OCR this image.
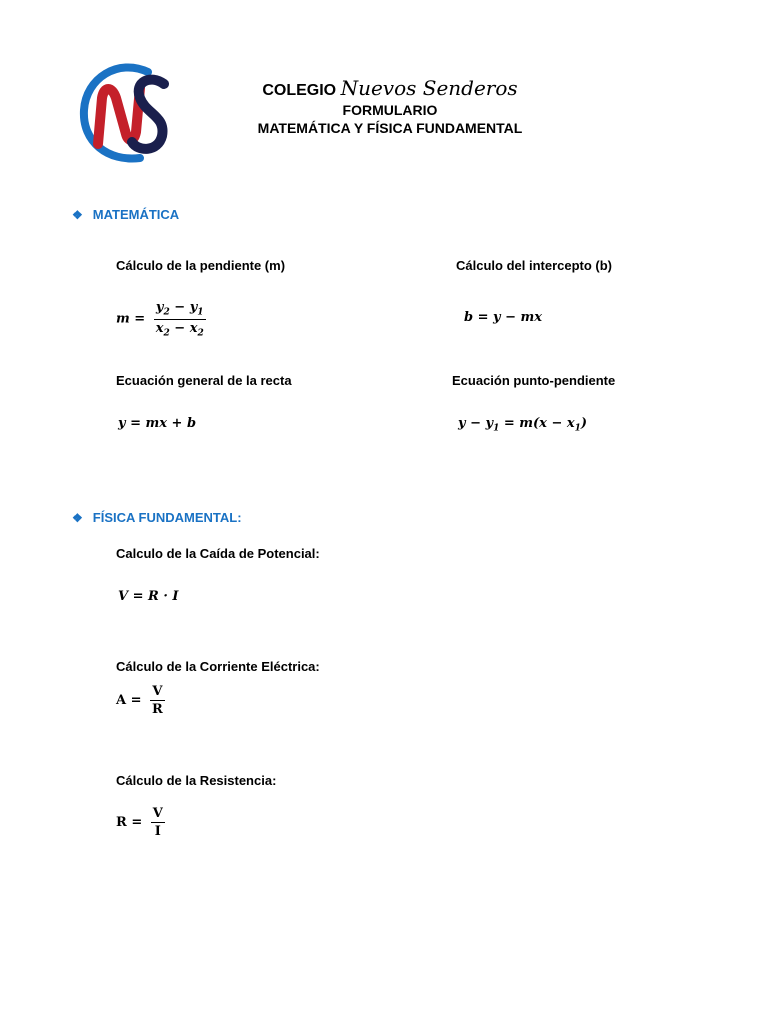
COLEGIO Nuevos Senderos
FORMULARIO
MATEMÁTICA Y FÍSICA FUNDAMENTAL
❖ MATEMÁTICA
Cálculo de la pendiente (m)	Cálculo del intercepto (b)
$m = \frac{y_2 - y_1}{x_2 - x_2}$	b = y − mx
Ecuación general de la recta	Ecuación punto-pendiente
y = mx + b	$y - y_1 = m(x - x_1)$
❖ FÍSICA FUNDAMENTAL:
Calculo de la Caída de Potencial:
V = R · I
Cálculo de la Corriente Eléctrica:
$A = \frac{V}{R}$
Cálculo de la Resistencia:
$R = \frac{V}{I}$
